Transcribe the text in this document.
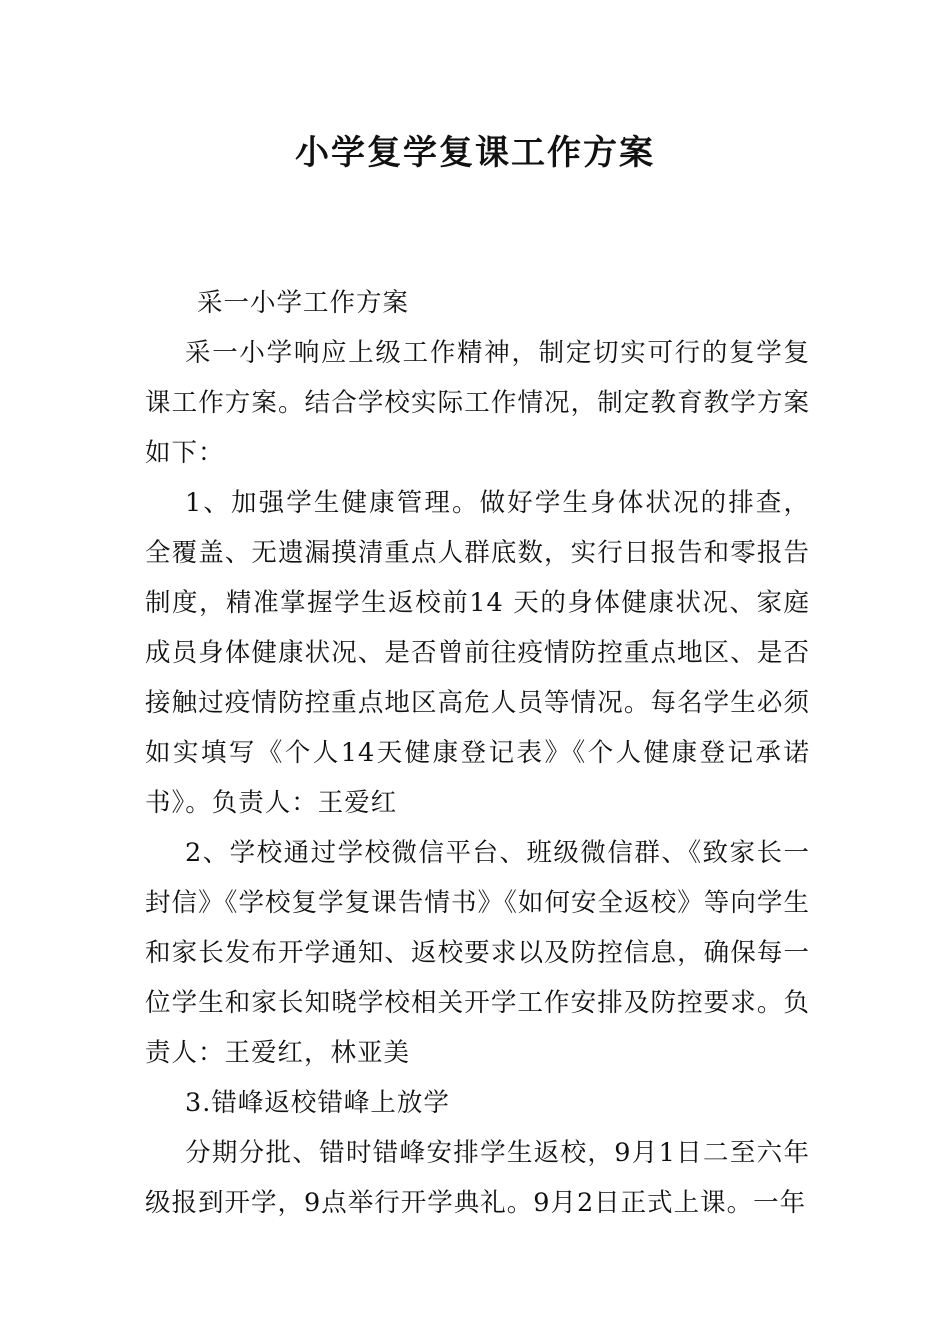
小学复学复课工作方案

采一小学工作方案

采一小学响应上级工作精神，制定切实可行的复学复课工作方案。结合学校实际工作情况，制定教育教学方案如下：

1、加强学生健康管理。做好学生身体状况的排查，全覆盖、无遗漏摸清重点人群底数，实行日报告和零报告制度，精准掌握学生返校前14 天的身体健康状况、家庭成员身体健康状况、是否曾前往疫情防控重点地区、是否接触过疫情防控重点地区高危人员等情况。每名学生必须如实填写《个人14天健康登记表》《个人健康登记承诺书》。负责人：王爱红

2、学校通过学校微信平台、班级微信群、《致家长一封信》《学校复学复课告情书》《如何安全返校》等向学生和家长发布开学通知、返校要求以及防控信息，确保每一位学生和家长知晓学校相关开学工作安排及防控要求。负责人：王爱红，林亚美

3.错峰返校错峰上放学

分期分批、错时错峰安排学生返校，9月1日二至六年级报到开学，9点举行开学典礼。9月2日正式上课。一年
